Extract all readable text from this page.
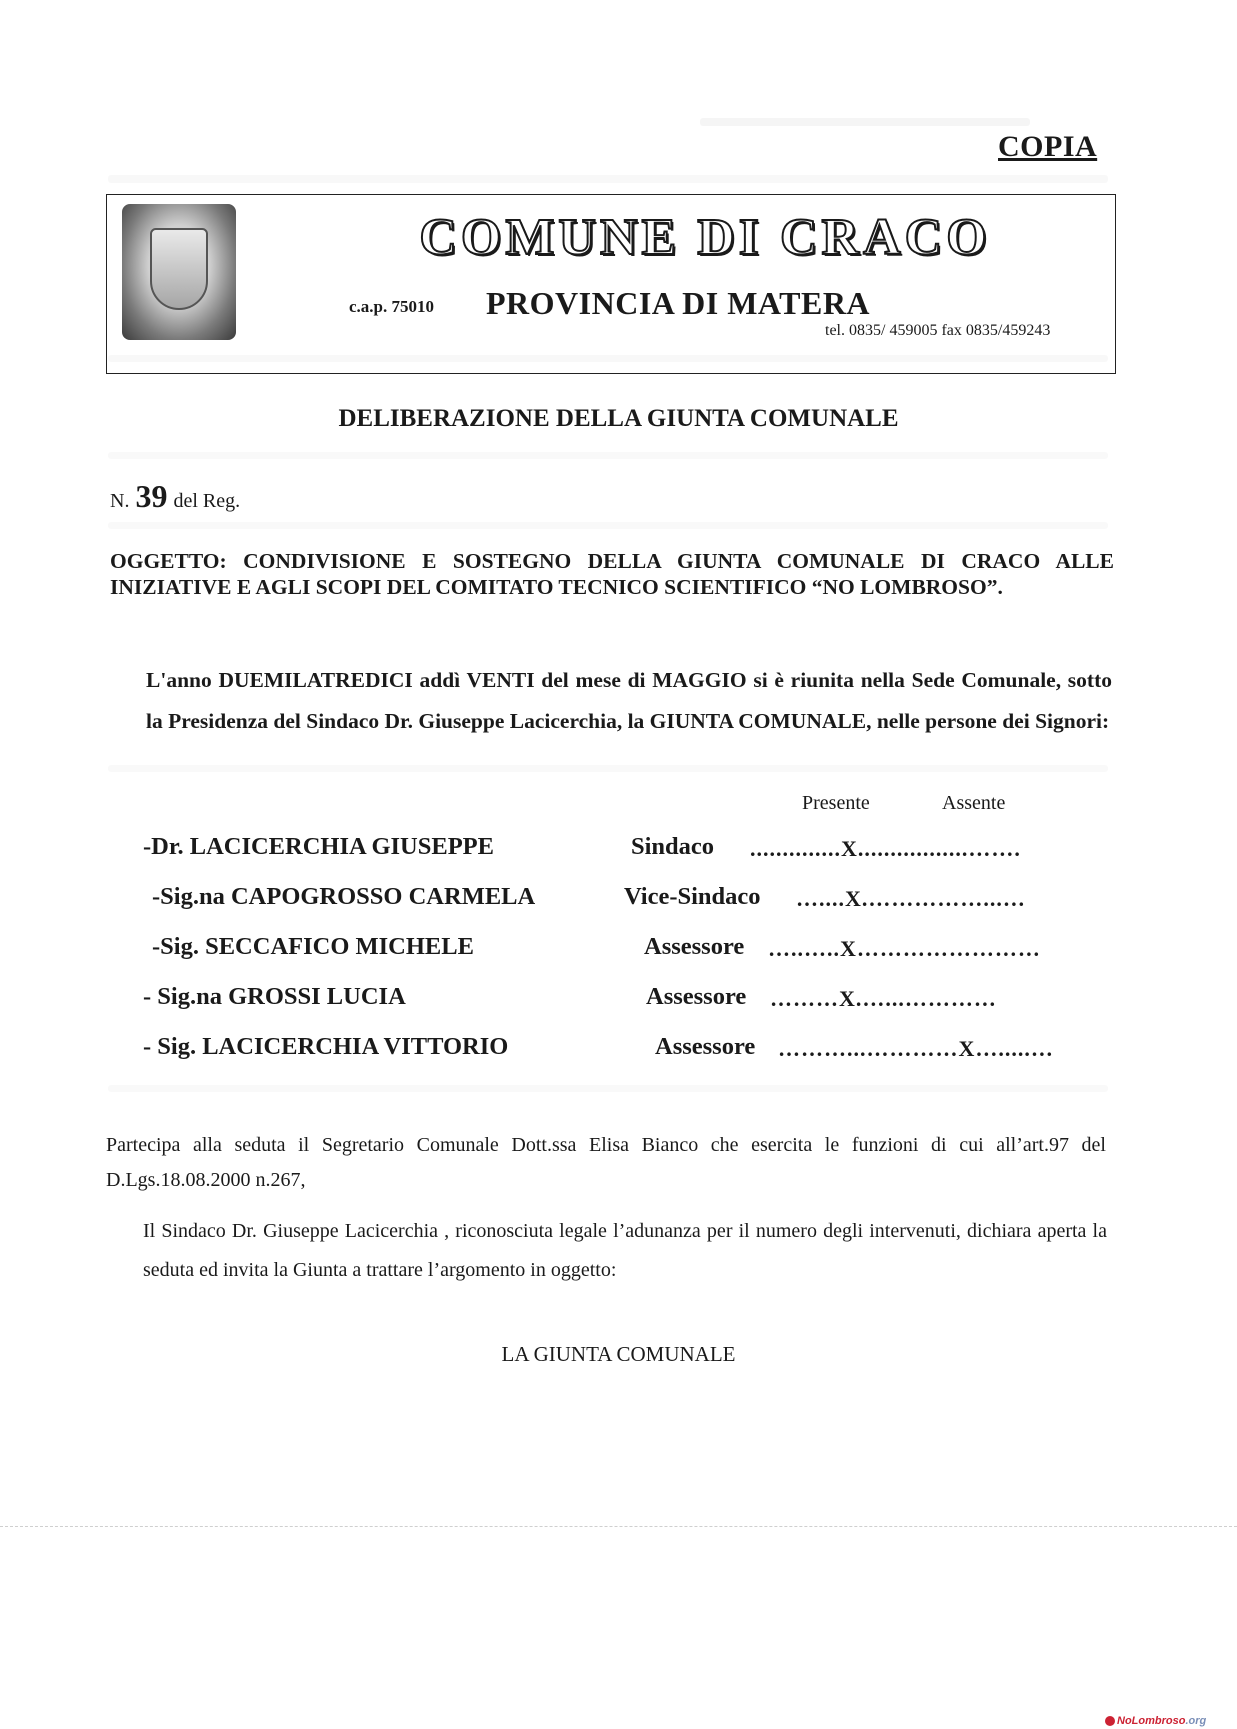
COPIA
COMUNE DI CRACO
c.a.p. 75010 PROVINCIA DI MATERA
tel. 0835/ 459005 fax 0835/459243
DELIBERAZIONE DELLA GIUNTA COMUNALE
N. 39 del Reg.
OGGETTO: CONDIVISIONE E SOSTEGNO DELLA GIUNTA COMUNALE DI CRACO ALLE INIZIATIVE E AGLI SCOPI DEL COMITATO TECNICO SCIENTIFICO “NO LOMBROSO”.
L'anno DUEMILATREDICI addì VENTI del mese di MAGGIO si è riunita nella Sede Comunale, sotto la Presidenza del Sindaco Dr. Giuseppe Lacicerchia, la GIUNTA COMUNALE, nelle persone dei Signori:
Presente	Assente
-Dr. LACICERCHIA GIUSEPPE	Sindaco ..............X.................…….
-Sig.na CAPOGROSSO CARMELA	Vice-Sindaco …....X.……………...…
-Sig. SECCAFICO MICHELE	Assessore …..…..X……………………
- Sig.na GROSSI LUCIA	Assessore ………X.…...…………
- Sig. LACICERCHIA VITTORIO	Assessore ………...…………X….....…
Partecipa alla seduta il Segretario Comunale Dott.ssa Elisa Bianco che esercita le funzioni di cui all’art.97 del D.Lgs.18.08.2000 n.267,
Il Sindaco Dr. Giuseppe Lacicerchia , riconosciuta legale l’adunanza per il numero degli intervenuti, dichiara aperta la seduta ed invita la Giunta a trattare l’argomento in oggetto:
LA GIUNTA COMUNALE
NoLombroso.org
